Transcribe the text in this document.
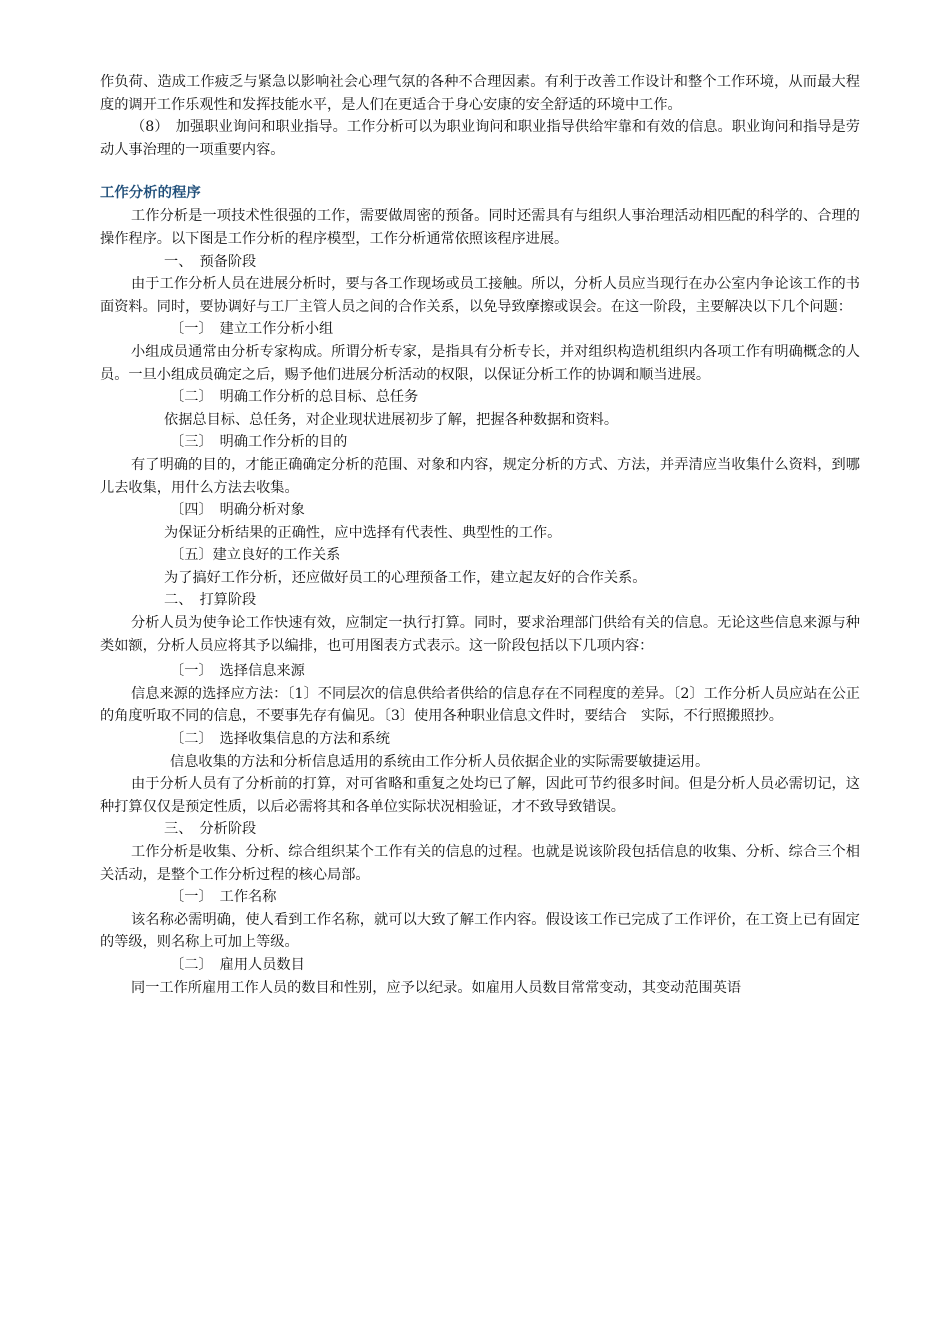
作负荷、造成工作疲乏与紧急以影响社会心理气氛的各种不合理因素。有利于改善工作设计和整个工作环境，从而最大程度的调开工作乐观性和发挥技能水平，是人们在更适合于身心安康的安全舒适的环境中工作。

（8）　加强职业询问和职业指导。工作分析可以为职业询问和职业指导供给牢靠和有效的信息。职业询问和指导是劳动人事治理的一项重要内容。

工作分析的程序

工作分析是一项技术性很强的工作，需要做周密的预备。同时还需具有与组织人事治理活动相匹配的科学的、合理的操作程序。以下图是工作分析的程序模型，工作分析通常依照该程序进展。

一、　预备阶段

由于工作分析人员在进展分析时，要与各工作现场或员工接触。所以，分析人员应当现行在办公室内争论该工作的书面资料。同时，要协调好与工厂主管人员之间的合作关系，以免导致摩擦或误会。在这一阶段，主要解决以下几个问题：

〔一〕　建立工作分析小组

小组成员通常由分析专家构成。所谓分析专家，是指具有分析专长，并对组织构造机组织内各项工作有明确概念的人员。一旦小组成员确定之后，赐予他们进展分析活动的权限，以保证分析工作的协调和顺当进展。

〔二〕　明确工作分析的总目标、总任务

依据总目标、总任务，对企业现状进展初步了解，把握各种数据和资料。

〔三〕　明确工作分析的目的

有了明确的目的，才能正确确定分析的范围、对象和内容，规定分析的方式、方法，并弄清应当收集什么资料，到哪儿去收集，用什么方法去收集。

〔四〕　明确分析对象

为保证分析结果的正确性，应中选择有代表性、典型性的工作。

〔五〕建立良好的工作关系

为了搞好工作分析，还应做好员工的心理预备工作，建立起友好的合作关系。

二、　打算阶段

分析人员为使争论工作快速有效，应制定一执行打算。同时，要求治理部门供给有关的信息。无论这些信息来源与种类如额，分析人员应将其予以编排，也可用图表方式表示。这一阶段包括以下几项内容：

〔一〕　选择信息来源

信息来源的选择应方法：〔1〕不同层次的信息供给者供给的信息存在不同程度的差异。〔2〕工作分析人员应站在公正的角度听取不同的信息，不要事先存有偏见。〔3〕使用各种职业信息文件时，要结合　实际，不行照搬照抄。

〔二〕　选择收集信息的方法和系统

信息收集的方法和分析信息适用的系统由工作分析人员依据企业的实际需要敏捷运用。

由于分析人员有了分析前的打算，对可省略和重复之处均已了解，因此可节约很多时间。但是分析人员必需切记，这种打算仅仅是预定性质，以后必需将其和各单位实际状况相验证，才不致导致错误。

三、　分析阶段

工作分析是收集、分析、综合组织某个工作有关的信息的过程。也就是说该阶段包括信息的收集、分析、综合三个相关活动，是整个工作分析过程的核心局部。

〔一〕　工作名称

该名称必需明确，使人看到工作名称，就可以大致了解工作内容。假设该工作已完成了工作评价，在工资上已有固定的等级，则名称上可加上等级。

〔二〕　雇用人员数目

同一工作所雇用工作人员的数目和性别，应予以纪录。如雇用人员数目常常变动，其变动范围英语
